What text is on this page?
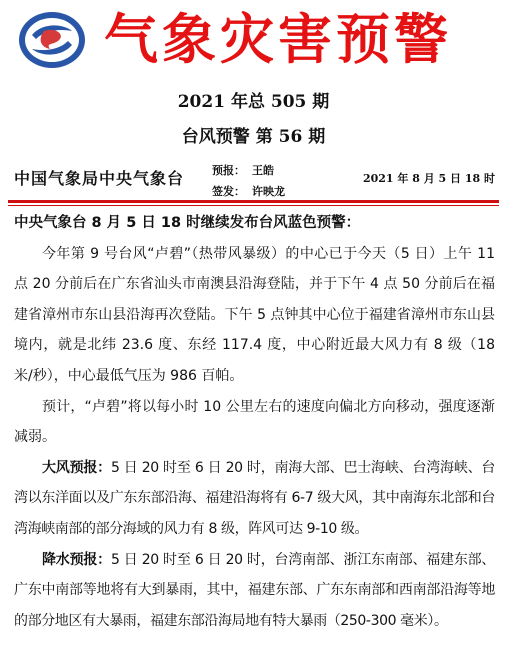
气象灾害预警
2021 年总 505 期
台风预警 第 56 期
中国气象局中央气象台	预报： 王皓
签发： 许映龙
2021 年 8 月 5 日 18 时

中央气象台 8 月 5 日 18 时继续发布台风蓝色预警：

今年第 9 号台风“卢碧”（热带风暴级）的中心已于今天（5 日）上午 11 点 20 分前后在广东省汕头市南澳县沿海登陆，并于下午 4 点 50 分前后在福建省漳州市东山县沿海再次登陆。下午 5 点钟其中心位于福建省漳州市东山县境内，就是北纬 23.6 度、东经 117.4 度，中心附近最大风力有 8 级（18 米/秒），中心最低气压为 986 百帕。

预计，“卢碧”将以每小时 10 公里左右的速度向偏北方向移动，强度逐渐减弱。

大风预报：5 日 20 时至 6 日 20 时，南海大部、巴士海峡、台湾海峡、台湾以东洋面以及广东东部沿海、福建沿海将有 6-7 级大风，其中南海东北部和台湾海峡南部的部分海域的风力有 8 级，阵风可达 9-10 级。

降水预报：5 日 20 时至 6 日 20 时，台湾南部、浙江东南部、福建东部、广东中南部等地将有大到暴雨，其中，福建东部、广东东南部和西南部沿海等地的部分地区有大暴雨，福建东部沿海局地有特大暴雨（250-300 毫米）。
